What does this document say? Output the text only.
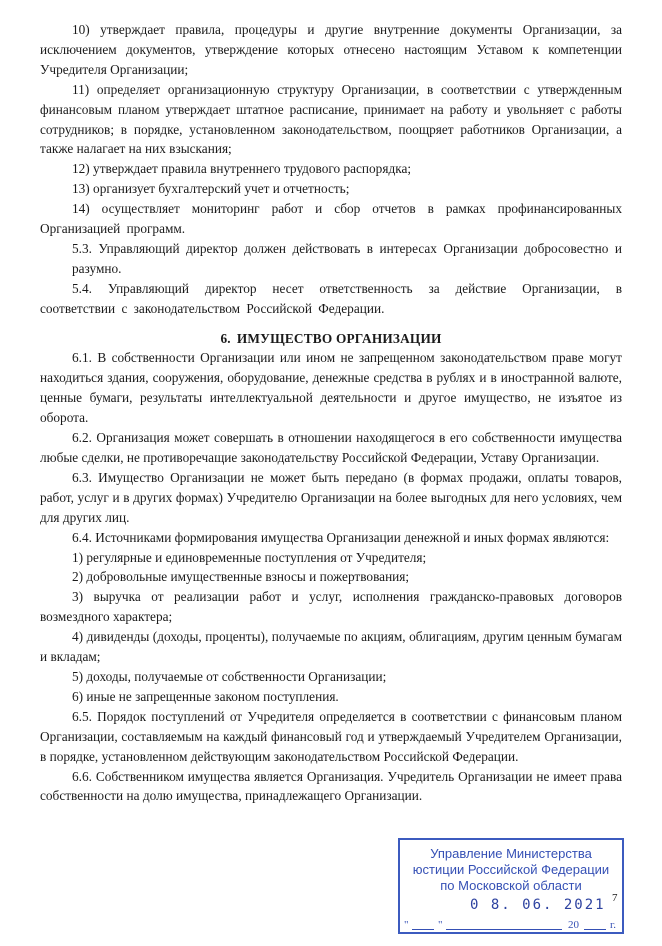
10) утверждает правила, процедуры и другие внутренние документы Организации, за исключением документов, утверждение которых отнесено настоящим Уставом к компетенции Учредителя Организации;

11) определяет организационную структуру Организации, в соответствии с утвержденным финансовым планом утверждает штатное расписание, принимает на работу и увольняет с работы сотрудников; в порядке, установленном законодательством, поощряет работников Организации, а также налагает на них взыскания;

12) утверждает правила внутреннего трудового распорядка;

13) организует бухгалтерский учет и отчетность;

14) осуществляет мониторинг работ и сбор отчетов в рамках профинансированных Организацией программ.

5.3. Управляющий директор должен действовать в интересах Организации добросовестно и разумно.

5.4. Управляющий директор несет ответственность за действие Организации, в соответствии с законодательством Российской Федерации.

6. ИМУЩЕСТВО ОРГАНИЗАЦИИ

6.1. В собственности Организации или ином не запрещенном законодательством праве могут находиться здания, сооружения, оборудование, денежные средства в рублях и в иностранной валюте, ценные бумаги, результаты интеллектуальной деятельности и другое имущество, не изъятое из оборота.

6.2. Организация может совершать в отношении находящегося в его собственности имущества любые сделки, не противоречащие законодательству Российской Федерации, Уставу Организации.

6.3. Имущество Организации не может быть передано (в формах продажи, оплаты товаров, работ, услуг и в других формах) Учредителю Организации на более выгодных для него условиях, чем для других лиц.

6.4. Источниками формирования имущества Организации денежной и иных формах являются:

1) регулярные и единовременные поступления от Учредителя;

2) добровольные имущественные взносы и пожертвования;

3) выручка от реализации работ и услуг, исполнения гражданско-правовых договоров возмездного характера;

4) дивиденды (доходы, проценты), получаемые по акциям, облигациям, другим ценным бумагам и вкладам;

5) доходы, получаемые от собственности Организации;

6) иные не запрещенные законом поступления.

6.5. Порядок поступлений от Учредителя определяется в соответствии с финансовым планом Организации, составляемым на каждый финансовый год и утверждаемый Учредителем Организации, в порядке, установленном действующим законодательством Российской Федерации.

6.6. Собственником имущества является Организация. Учредитель Организации не имеет права собственности на долю имущества, принадлежащего Организации.

Управление Министерства
юстиции Российской Федерации
по Московской области
0 8. 06. 2021
"	"	20	г.
7
